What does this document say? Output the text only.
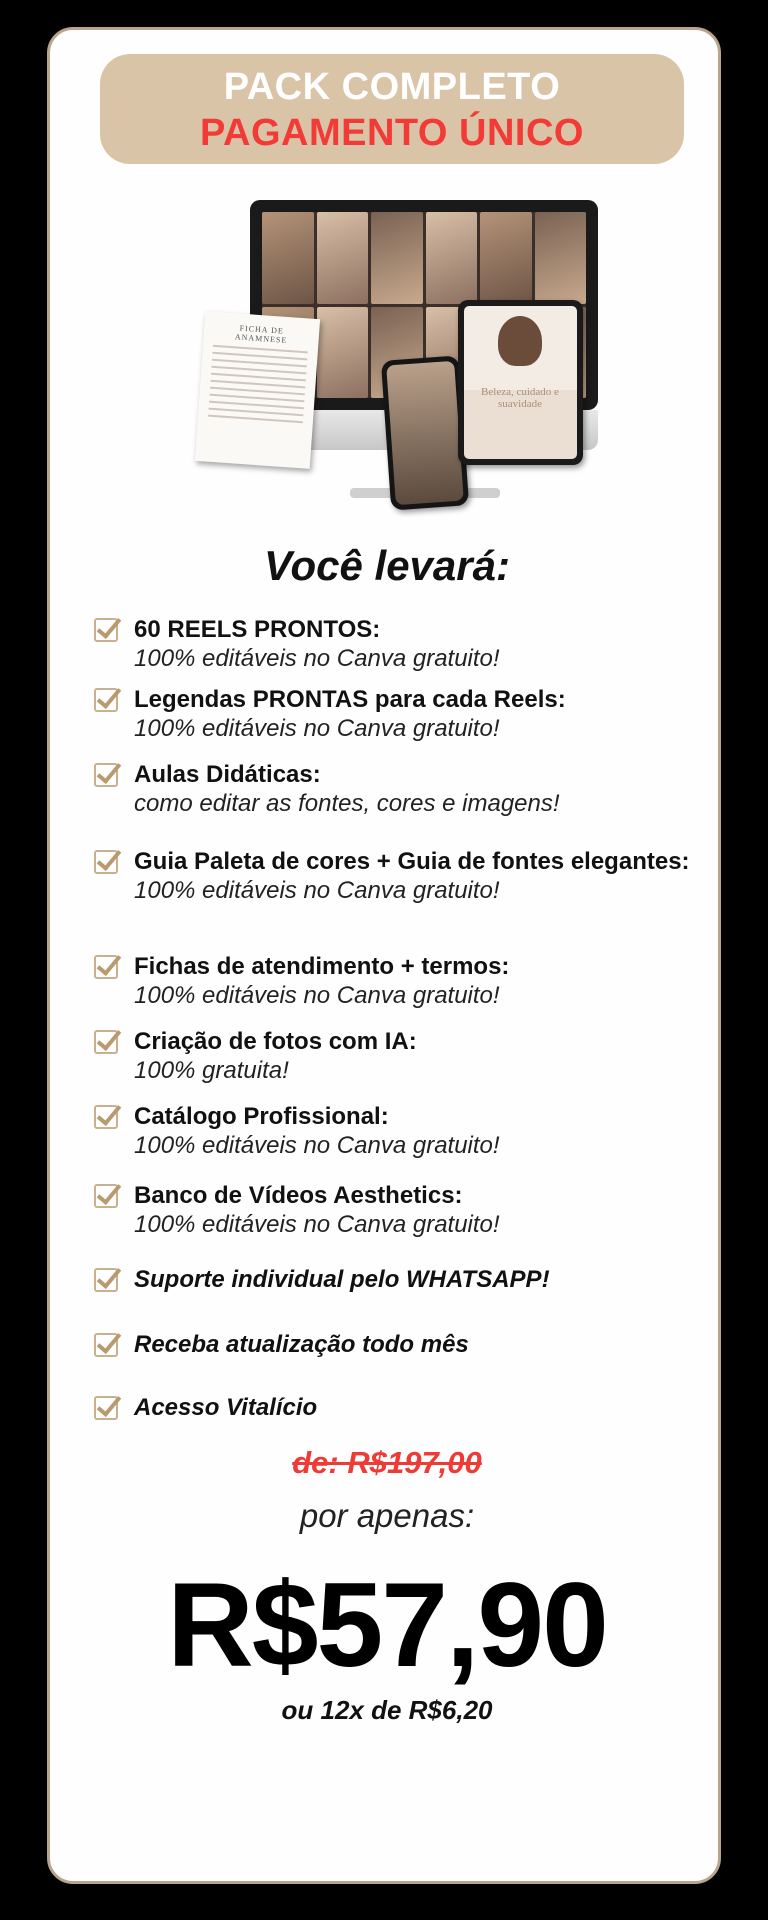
PACK COMPLETO
PAGAMENTO ÚNICO
FICHA DE ANAMNESE
Beleza, cuidado e suavidade
Você levará:
60 REELS PRONTOS:
100% editáveis no Canva gratuito!
Legendas PRONTAS para cada Reels:
100% editáveis no Canva gratuito!
Aulas Didáticas:
como editar as fontes, cores e imagens!
Guia Paleta de cores + Guia de fontes elegantes:
100% editáveis no Canva gratuito!
Fichas de atendimento + termos:
100% editáveis no Canva gratuito!
Criação de fotos com IA:
100% gratuita!
Catálogo Profissional:
100% editáveis no Canva gratuito!
Banco de Vídeos Aesthetics:
100% editáveis no Canva gratuito!
Suporte individual pelo WHATSAPP!
Receba atualização todo mês
Acesso Vitalício
de: R$197,00
por apenas:
R$57,90
ou 12x de R$6,20
